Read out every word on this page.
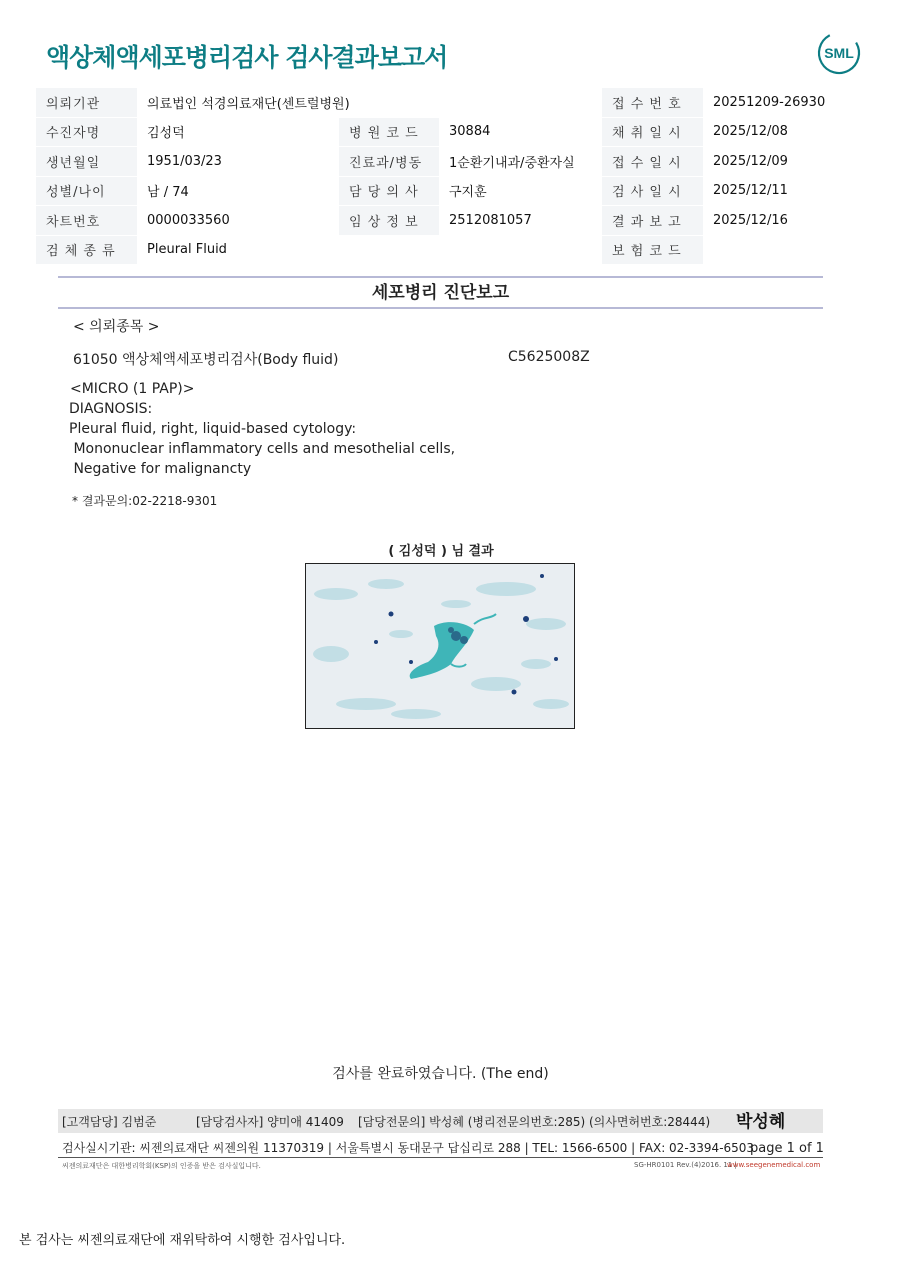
액상체액세포병리검사 검사결과보고서	SML
의뢰기관	의료법인 석경의료재단(센트럴병원)			접 수 번 호	20251209-26930
수진자명	김성덕	병 원 코 드	30884	채 취 일 시	2025/12/08
생년월일	1951/03/23	진료과/병동	1순환기내과/중환자실	접 수 일 시	2025/12/09
성별/나이	남 / 74	담 당 의 사	구지훈	검 사 일 시	2025/12/11
차트번호	0000033560	임 상 정 보	2512081057	결 과 보 고	2025/12/16
검 체 종 류	Pleural Fluid			보 험 코 드	
세포병리 진단보고
< 의뢰종목 >
61050 액상체액세포병리검사(Body fluid)	C5625008Z
<MICRO (1 PAP)>
DIAGNOSIS:
Pleural fluid, right, liquid-based cytology:
Mononuclear inflammatory cells and mesothelial cells,
Negative for malignancty
* 결과문의:02-2218-9301
( 김성덕 ) 님 결과
검사를 완료하였습니다. (The end)
[고객담당] 김범준	[담당검사자] 양미애 41409 [담당전문의] 박성혜 (병리전문의번호:285) (의사면허번호:28444) 박성혜
검사실시기관: 씨젠의료재단 씨젠의원 11370319 | 서울특별시 동대문구 답십리로 288 | TEL: 1566-6500 | FAX: 02-3394-6503
page 1 of 1
씨젠의료재단은 대한병리학회(KSP)의 인증을 받은 검사실입니다.	SG-HR0101 Rev.(4)2016. 11 |
www.seegenemedical.com
본 검사는 씨젠의료재단에 재위탁하여 시행한 검사입니다.
